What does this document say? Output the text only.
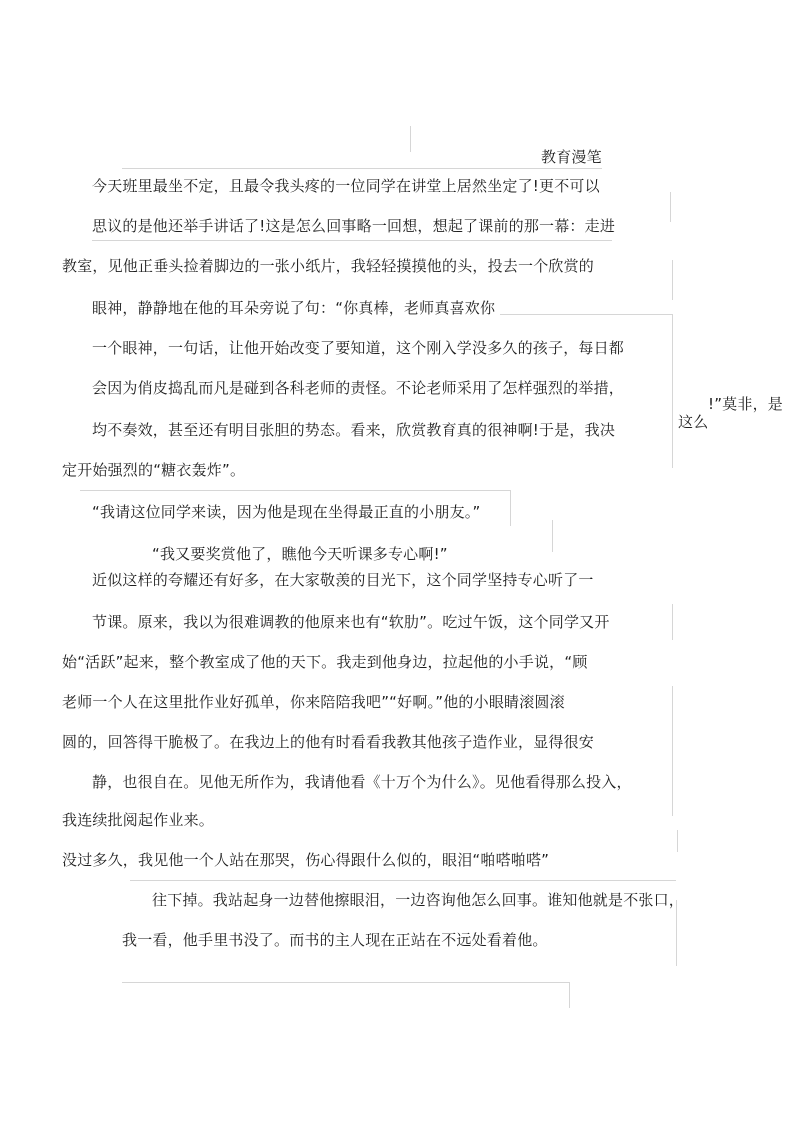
教育漫笔
今天班里最坐不定，且最令我头疼的一位同学在讲堂上居然坐定了!更不可以
思议的是他还举手讲话了!这是怎么回事略一回想，想起了课前的那一幕：走进
教室，见他正垂头捡着脚边的一张小纸片，我轻轻摸摸他的头，投去一个欣赏的
眼神，静静地在他的耳朵旁说了句：“你真棒，老师真喜欢你
一个眼神，一句话，让他开始改变了要知道，这个刚入学没多久的孩子，每日都
会因为俏皮捣乱而凡是碰到各科老师的责怪。不论老师采用了怎样强烈的举措，
均不奏效，甚至还有明目张胆的势态。看来，欣赏教育真的很神啊!于是，我决
定开始强烈的“糖衣轰炸”。
“我请这位同学来读，因为他是现在坐得最正直的小朋友。”
“我又要奖赏他了，瞧他今天听课多专心啊!”
近似这样的夸耀还有好多，在大家敬羡的目光下，这个同学坚持专心听了一
节课。原来，我以为很难调教的他原来也有“软肋”。吃过午饭，这个同学又开
始“活跃”起来，整个教室成了他的天下。我走到他身边，拉起他的小手说，“顾
老师一个人在这里批作业好孤单，你来陪陪我吧”“好啊。”他的小眼睛滚圆滚
圆的，回答得干脆极了。在我边上的他有时看看我教其他孩子造作业，显得很安
静，也很自在。见他无所作为，我请他看《十万个为什么》。见他看得那么投入，
我连续批阅起作业来。
没过多久，我见他一个人站在那哭，伤心得跟什么似的，眼泪“啪嗒啪嗒”
往下掉。我站起身一边替他擦眼泪，一边咨询他怎么回事。谁知他就是不张口，
我一看，他手里书没了。而书的主人现在正站在不远处看着他。
!”莫非，是
这么
